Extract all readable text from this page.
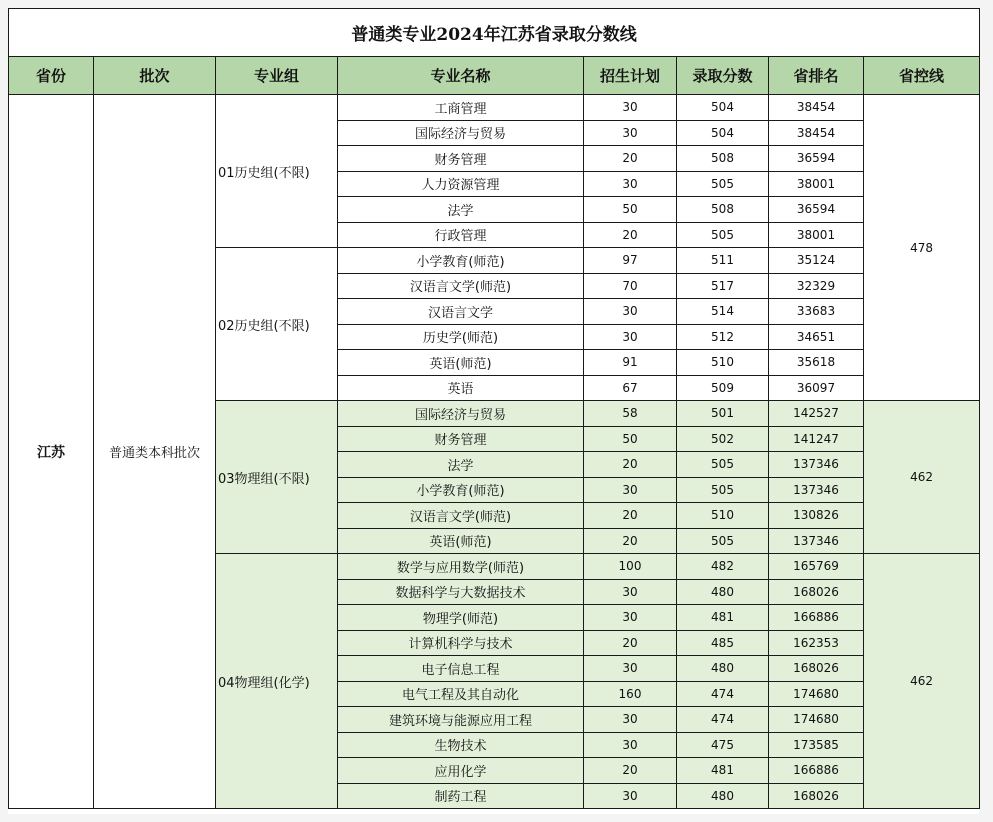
普通类专业2024年江苏省录取分数线							
省份	批次	专业组	专业名称	招生计划	录取分数	省排名	省控线
江苏	普通类本科批次	01历史组(不限)	工商管理	30	504	38454	478
			国际经济与贸易	30	504	38454	
			财务管理	20	508	36594	
			人力资源管理	30	505	38001	
			法学	50	508	36594	
			行政管理	20	505	38001	
		02历史组(不限)	小学教育(师范)	97	511	35124	
			汉语言文学(师范)	70	517	32329	
			汉语言文学	30	514	33683	
			历史学(师范)	30	512	34651	
			英语(师范)	91	510	35618	
			英语	67	509	36097	
		03物理组(不限)	国际经济与贸易	58	501	142527	462
			财务管理	50	502	141247	
			法学	20	505	137346	
			小学教育(师范)	30	505	137346	
			汉语言文学(师范)	20	510	130826	
			英语(师范)	20	505	137346	
		04物理组(化学)	数学与应用数学(师范)	100	482	165769	462
			数据科学与大数据技术	30	480	168026	
			物理学(师范)	30	481	166886	
			计算机科学与技术	20	485	162353	
			电子信息工程	30	480	168026	
			电气工程及其自动化	160	474	174680	
			建筑环境与能源应用工程	30	474	174680	
			生物技术	30	475	173585	
			应用化学	20	481	166886	
			制药工程	30	480	168026	
